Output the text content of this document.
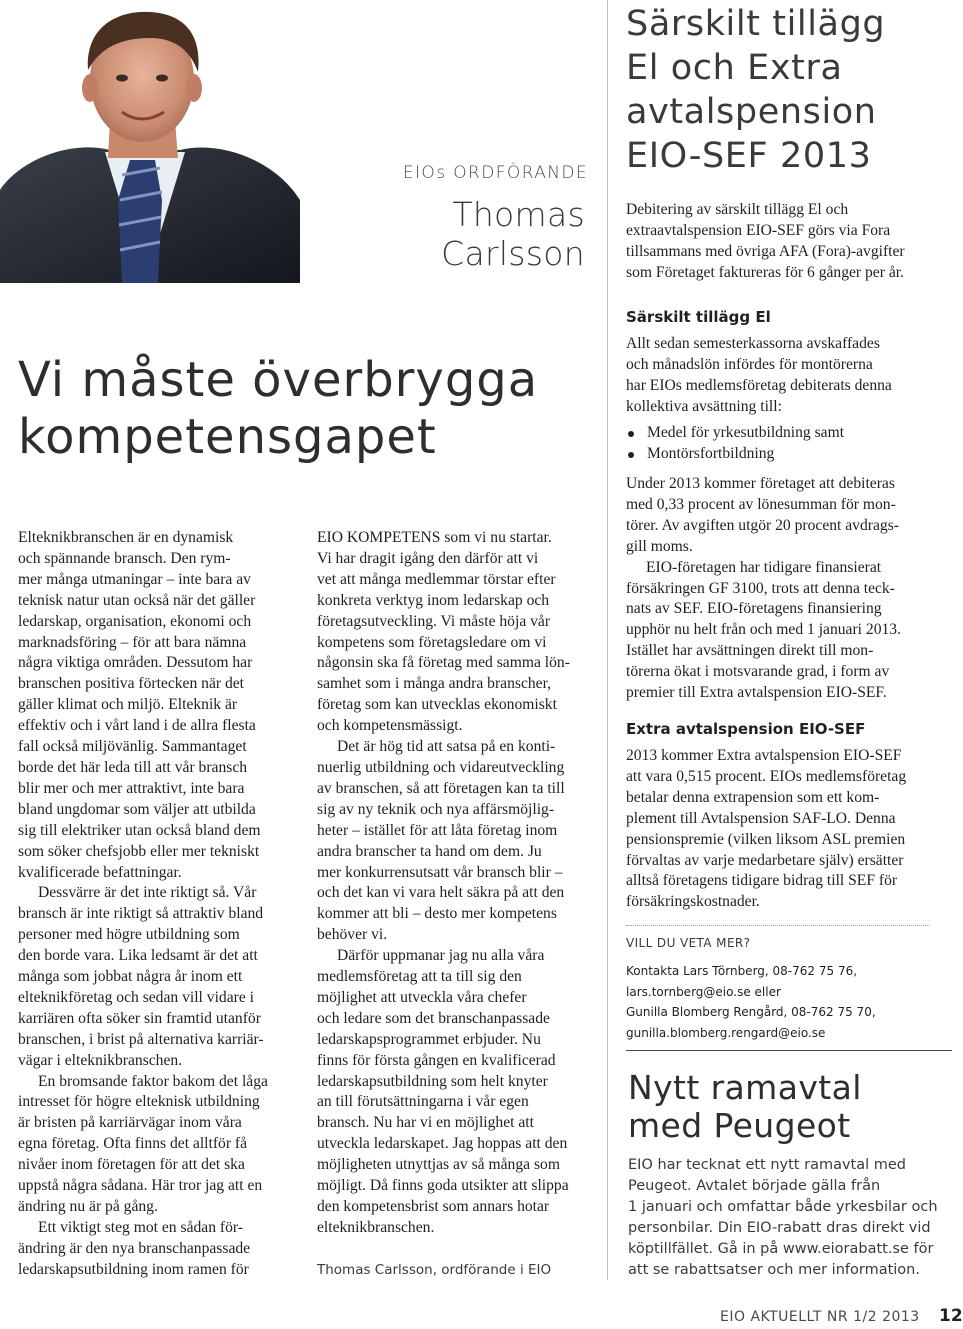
EIOs ORDFÖRANDE
Thomas Carlsson
Vi måste överbrygga
kompetensgapet

Elteknikbranschen är en dynamisk

och spännande bransch. Den rym-

mer många utmaningar – inte bara av

teknisk natur utan också när det gäller

ledarskap, organisation, ekonomi och

marknadsföring – för att bara nämna

några viktiga områden. Dessutom har

branschen positiva förtecken när det

gäller klimat och miljö. Elteknik är

effektiv och i vårt land i de allra flesta

fall också miljövänlig. Sammantaget

borde det här leda till att vår bransch

blir mer och mer attraktivt, inte bara

bland ungdomar som väljer att utbilda

sig till elektriker utan också bland dem

som söker chefsjobb eller mer tekniskt

kvalificerade befattningar.

Dessvärre är det inte riktigt så. Vår

bransch är inte riktigt så attraktiv bland

personer med högre utbildning som

den borde vara. Lika ledsamt är det att

många som jobbat några år inom ett

elteknikföretag och sedan vill vidare i

karriären ofta söker sin framtid utanför

branschen, i brist på alternativa karriär-

vägar i elteknikbranschen.

En bromsande faktor bakom det låga

intresset för högre elteknisk utbildning

är bristen på karriärvägar inom våra

egna företag. Ofta finns det alltför få

nivåer inom företagen för att det ska

uppstå några sådana. Här tror jag att en

ändring nu är på gång.

Ett viktigt steg mot en sådan för-

ändring är den nya branschanpassade

ledarskapsutbildning inom ramen för

EIO KOMPETENS som vi nu startar.

Vi har dragit igång den därför att vi

vet att många medlemmar törstar efter

konkreta verktyg inom ledarskap och

företagsutveckling. Vi måste höja vår

kompetens som företagsledare om vi

någonsin ska få företag med samma lön-

samhet som i många andra branscher,

företag som kan utvecklas ekonomiskt

och kompetensmässigt.

Det är hög tid att satsa på en konti-

nuerlig utbildning och vidareutveckling

av branschen, så att företagen kan ta till

sig av ny teknik och nya affärsmöjlig-

heter – istället för att låta företag inom

andra branscher ta hand om dem. Ju

mer konkurrensutsatt vår bransch blir –

och det kan vi vara helt säkra på att den

kommer att bli – desto mer kompetens

behöver vi.

Därför uppmanar jag nu alla våra

medlemsföretag att ta till sig den

möjlighet att utveckla våra chefer

och ledare som det branschanpassade

ledarskapsprogrammet erbjuder. Nu

finns för första gången en kvalificerad

ledarskapsutbildning som helt knyter

an till förutsättningarna i vår egen

bransch. Nu har vi en möjlighet att

utveckla ledarskapet. Jag hoppas att den

möjligheten utnyttjas av så många som

möjligt. Då finns goda utsikter att slippa

den kompetensbrist som annars hotar

elteknikbranschen.

Thomas Carlsson, ordförande i EIO
Särskilt tillägg
El och Extra
avtalspension
EIO-SEF 2013

Debitering av särskilt tillägg El och

extraavtalspension EIO-SEF görs via Fora

tillsammans med övriga AFA (Fora)-avgifter

som Företaget faktureras för 6 gånger per år.

Särskilt tillägg El

Allt sedan semesterkassorna avskaffades

och månadslön infördes för montörerna

har EIOs medlemsföretag debiterats denna

kollektiva avsättning till:

Medel för yrkesutbildning samt
Montörsfortbildning

Under 2013 kommer företaget att debiteras

med 0,33 procent av lönesumman för mon-

törer. Av avgiften utgör 20 procent avdrags-

gill moms.

EIO-företagen har tidigare finansierat

försäkringen GF 3100, trots att denna teck-

nats av SEF. EIO-företagens finansiering

upphör nu helt från och med 1 januari 2013.

Istället har avsättningen direkt till mon-

törerna ökat i motsvarande grad, i form av

premier till Extra avtalspension EIO-SEF.

Extra avtalspension EIO-SEF

2013 kommer Extra avtalspension EIO-SEF

att vara 0,515 procent. EIOs medlemsföretag

betalar denna extrapension som ett kom-

plement till Avtalspension SAF-LO. Denna

pensionspremie (vilken liksom ASL premien

förvaltas av varje medarbetare själv) ersätter

alltså företagens tidigare bidrag till SEF för

försäkringskostnader.

VILL DU VETA MER?
Kontakta Lars Törnberg, 08-762 75 76,
lars.tornberg@eio.se eller
Gunilla Blomberg Rengård, 08-762 75 70,
gunilla.blomberg.rengard@eio.se
Nytt ramavtal
med Peugeot
EIO har tecknat ett nytt ramavtal med
Peugeot. Avtalet började gälla från
1 januari och omfattar både yrkesbilar och
personbilar. Din EIO-rabatt dras direkt vid
köptillfället. Gå in på www.eiorabatt.se för
att se rabattsatser och mer information.
EIO AKTUELLT NR 1/2 2013 12
